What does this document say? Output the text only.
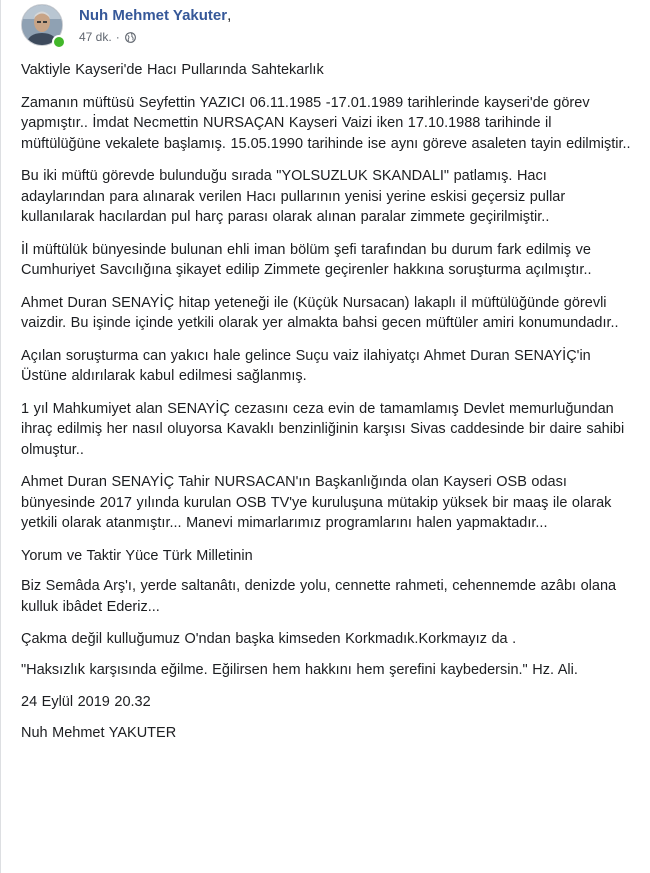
Nuh Mehmet Yakuter,
47 dk. ·

Vaktiyle Kayseri'de Hacı Pullarında Sahtekarlık

Zamanın müftüsü Seyfettin YAZICI 06.11.1985 -17.01.1989 tarihlerinde kayseri'de görev yapmıştır.. İmdat Necmettin NURSAÇAN Kayseri Vaizi iken 17.10.1988 tarihinde il müftülüğüne vekalete başlamış. 15.05.1990 tarihinde ise aynı göreve asaleten tayin edilmiştir..

Bu iki müftü görevde bulunduğu sırada "YOLSUZLUK SKANDALI" patlamış. Hacı adaylarından para alınarak verilen Hacı pullarının yenisi yerine eskisi geçersiz pullar kullanılarak hacılardan pul harç parası olarak alınan paralar zimmete geçirilmiştir..

İl müftülük bünyesinde bulunan ehli iman bölüm şefi tarafından bu durum fark edilmiş ve Cumhuriyet Savcılığına şikayet edilip Zimmete geçirenler hakkına soruşturma açılmıştır..

Ahmet Duran SENAYİÇ hitap yeteneği ile (Küçük Nursacan) lakaplı il müftülüğünde görevli vaizdir. Bu işinde içinde yetkili olarak yer almakta bahsi gecen müftüler amiri konumundadır..

Açılan soruşturma can yakıcı hale gelince Suçu vaiz ilahiyatçı Ahmet Duran SENAYİÇ'in Üstüne aldırılarak kabul edilmesi sağlanmış.

1 yıl Mahkumiyet alan SENAYİÇ cezasını ceza evin de tamamlamış Devlet memurluğundan ihraç edilmiş her nasıl oluyorsa Kavaklı benzinliğinin karşısı Sivas caddesinde bir daire sahibi olmuştur..

Ahmet Duran SENAYİÇ Tahir NURSACAN'ın Başkanlığında olan Kayseri OSB odası bünyesinde 2017 yılında kurulan OSB TV'ye kuruluşuna mütakip yüksek bir maaş ile olarak yetkili olarak atanmıştır... Manevi mimarlarımız programlarını halen yapmaktadır...

Yorum ve Taktir Yüce Türk Milletinin

Biz Semâda Arş'ı, yerde saltanâtı, denizde yolu, cennette rahmeti, cehennemde azâbı olana kulluk ibâdet Ederiz...

Çakma değil kulluğumuz O'ndan başka kimseden Korkmadık.Korkmayız da .

"Haksızlık karşısında eğilme. Eğilirsen hem hakkını hem şerefini kaybedersin." Hz. Ali.

24 Eylül 2019 20.32

Nuh Mehmet YAKUTER
